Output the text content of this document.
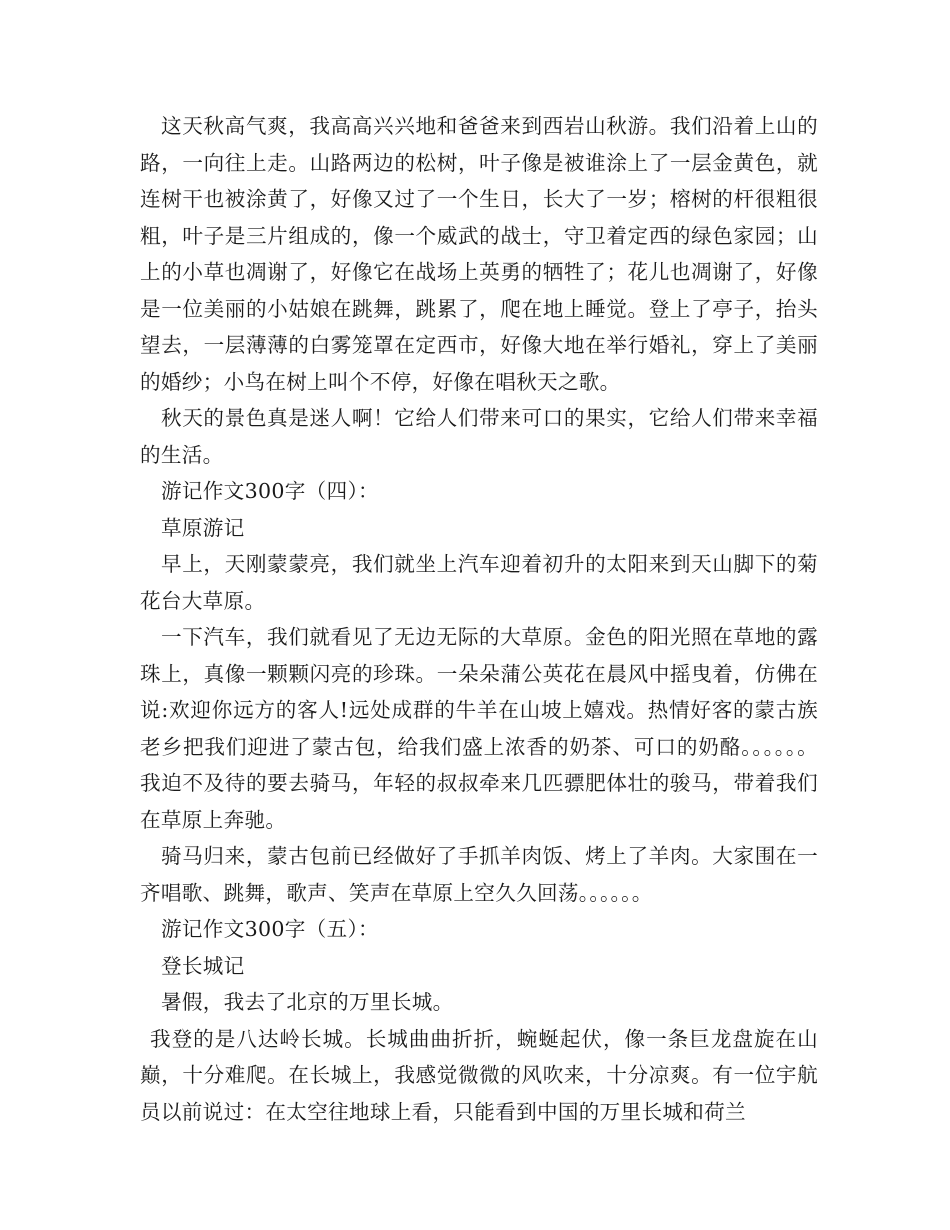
这天秋高气爽，我高高兴兴地和爸爸来到西岩山秋游。我们沿着上山的路，一向往上走。山路两边的松树，叶子像是被谁涂上了一层金黄色，就连树干也被涂黄了，好像又过了一个生日，长大了一岁；榕树的杆很粗很粗，叶子是三片组成的，像一个威武的战士，守卫着定西的绿色家园；山上的小草也凋谢了，好像它在战场上英勇的牺牲了；花儿也凋谢了，好像是一位美丽的小姑娘在跳舞，跳累了，爬在地上睡觉。登上了亭子，抬头望去，一层薄薄的白雾笼罩在定西市，好像大地在举行婚礼，穿上了美丽的婚纱；小鸟在树上叫个不停，好像在唱秋天之歌。

秋天的景色真是迷人啊！它给人们带来可口的果实，它给人们带来幸福的生活。

游记作文300字（四）：

草原游记

早上，天刚蒙蒙亮，我们就坐上汽车迎着初升的太阳来到天山脚下的菊花台大草原。

一下汽车，我们就看见了无边无际的大草原。金色的阳光照在草地的露珠上，真像一颗颗闪亮的珍珠。一朵朵蒲公英花在晨风中摇曳着，仿佛在说:欢迎你远方的客人!远处成群的牛羊在山坡上嬉戏。热情好客的蒙古族老乡把我们迎进了蒙古包，给我们盛上浓香的奶茶、可口的奶酪。。。。。。我迫不及待的要去骑马，年轻的叔叔牵来几匹骠肥体壮的骏马，带着我们在草原上奔驰。

骑马归来，蒙古包前已经做好了手抓羊肉饭、烤上了羊肉。大家围在一齐唱歌、跳舞，歌声、笑声在草原上空久久回荡。。。。。。

游记作文300字（五）：

登长城记

暑假，我去了北京的万里长城。

我登的是八达岭长城。长城曲曲折折，蜿蜒起伏，像一条巨龙盘旋在山巅，十分难爬。在长城上，我感觉微微的风吹来，十分凉爽。有一位宇航员以前说过：在太空往地球上看，只能看到中国的万里长城和荷兰
